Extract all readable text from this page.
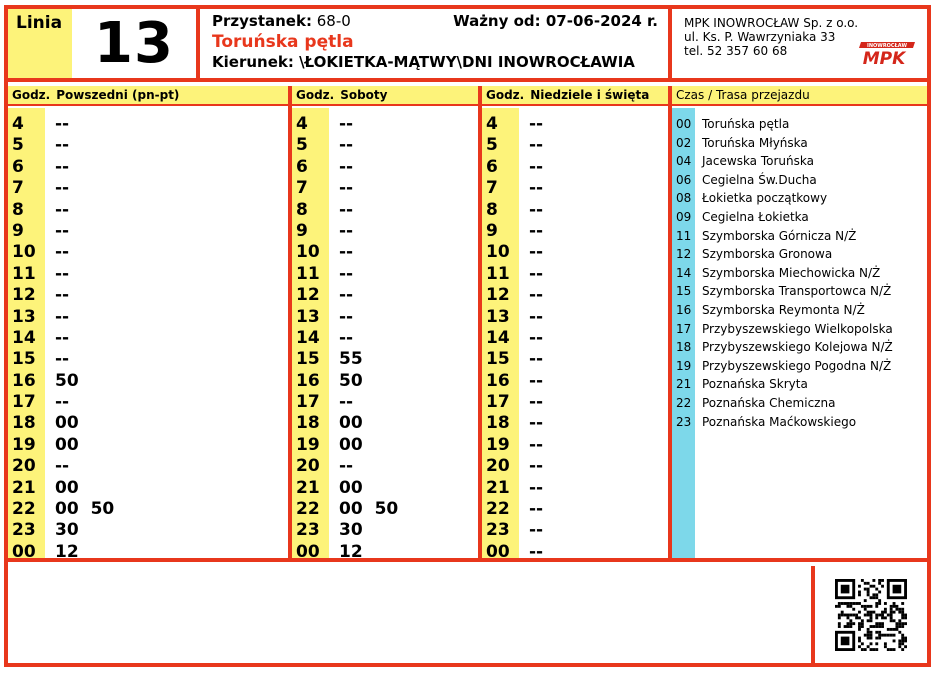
Linia 13	Przystanek: 68-0	Ważny od: 07-06-2024 r.
Toruńska pętla
Kierunek: \ŁOKIETKA-MĄTWY\DNI INOWROCŁAWIA
MPK INOWROCŁAW Sp. z o.o.
ul. Ks. P. Wawrzyniaka 33
tel. 52 357 60 68	INOWROCŁAW
MPK
Godz. Powszedni (pn-pt)
4 --
5 --
6 --
7 --
8 --
9 --
10 --
11 --
12 --
13 --
14 --
15 --
16 50
17 --
18 00
19 00
20 --
21 00
22 00 50
23 30
00 12
Godz. Soboty
4 --
5 --
6 --
7 --
8 --
9 --
10 --
11 --
12 --
13 --
14 --
15 55
16 50
17 --
18 00
19 00
20 --
21 00
22 00 50
23 30
00 12
Godz. Niedziele i święta
4 --
5 --
6 --
7 --
8 --
9 --
10 --
11 --
12 --
13 --
14 --
15 --
16 --
17 --
18 --
19 --
20 --
21 --
22 --
23 --
00 --
Czas / Trasa przejazdu
00 Toruńska pętla
02 Toruńska Młyńska
04 Jacewska Toruńska
06 Cegielna Św.Ducha
08 Łokietka początkowy
09 Cegielna Łokietka
11 Szymborska Górnicza N/Ż
12 Szymborska Gronowa
14 Szymborska Miechowicka N/Ż
15 Szymborska Transportowca N/Ż
16 Szymborska Reymonta N/Ż
17 Przybyszewskiego Wielkopolska
18 Przybyszewskiego Kolejowa N/Ż
19 Przybyszewskiego Pogodna N/Ż
21 Poznańska Skryta
22 Poznańska Chemiczna
23 Poznańska Maćkowskiego
